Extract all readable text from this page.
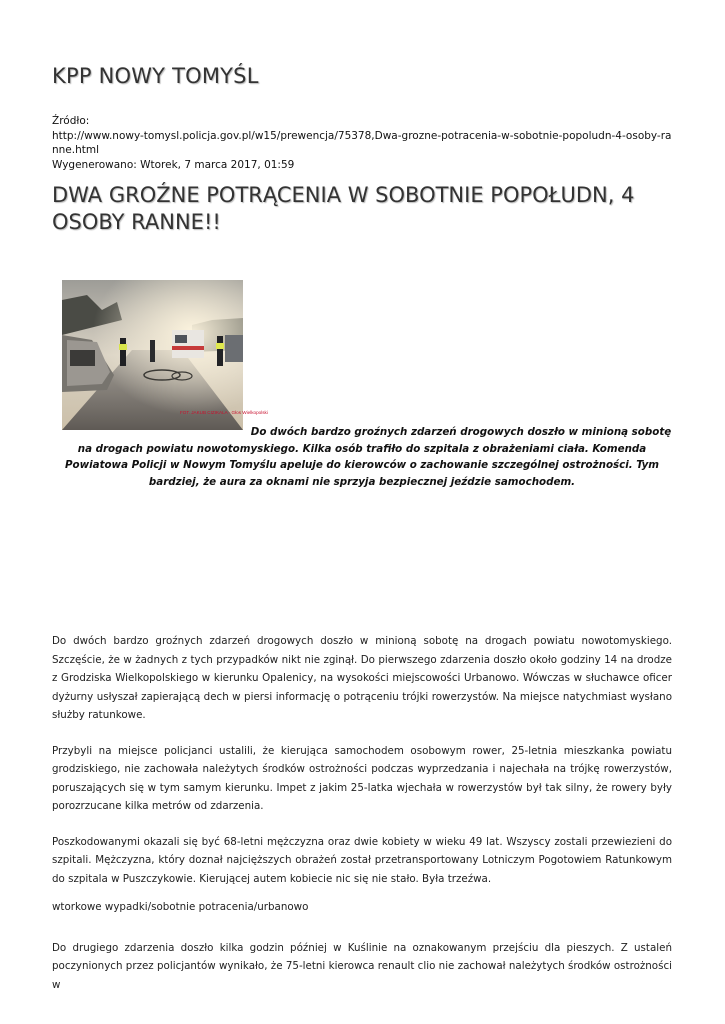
KPP NOWY TOMYŚL
Źródło:

http://www.nowy-tomysl.policja.gov.pl/w15/prewencja/75378,Dwa-grozne-potracenia-w-sobotnie-popoludn-4-osoby-ranne.html
Wygenerowano: Wtorek, 7 marca 2017, 01:59
DWA GROŹNE POTRĄCENIA W SOBOTNIE POPOŁUDN, 4 OSOBY RANNE!!
FOT. JAKUB CIZIKALA - Głos Wielkopolski
Do dwóch bardzo groźnych zdarzeń drogowych doszło w minioną sobotę na drogach powiatu nowotomyskiego. Kilka osób trafiło do szpitala z obrażeniami ciała. Komenda Powiatowa Policji w Nowym Tomyślu apeluje do kierowców o zachowanie szczególnej ostrożności. Tym bardziej, że aura za oknami nie sprzyja bezpiecznej jeździe samochodem.

Do dwóch bardzo groźnych zdarzeń drogowych doszło w minioną sobotę na drogach powiatu nowotomyskiego. Szczęście, że w żadnych z tych przypadków nikt nie zginął. Do pierwszego zdarzenia doszło około godziny 14 na drodze z Grodziska Wielkopolskiego w kierunku Opalenicy, na wysokości miejscowości Urbanowo. Wówczas w słuchawce oficer dyżurny usłyszał zapierającą dech w piersi informację o potrąceniu trójki rowerzystów. Na miejsce natychmiast wysłano służby ratunkowe.

Przybyli na miejsce policjanci ustalili, że kierująca samochodem osobowym rower, 25-letnia mieszkanka powiatu grodziskiego, nie zachowała należytych środków ostrożności podczas wyprzedzania i najechała na trójkę rowerzystów, poruszających się w tym samym kierunku. Impet z jakim 25-latka wjechała w rowerzystów był tak silny, że rowery były porozrzucane kilka metrów od zdarzenia.

Poszkodowanymi okazali się być 68-letni mężczyzna oraz dwie kobiety w wieku 49 lat. Wszyscy zostali przewiezieni do szpitali. Mężczyzna, który doznał najcięższych obrażeń został przetransportowany Lotniczym Pogotowiem Ratunkowym do szpitala w Puszczykowie. Kierującej autem kobiecie nic się nie stało. Była trzeźwa.

wtorkowe wypadki/sobotnie potracenia/urbanowo

Do drugiego zdarzenia doszło kilka godzin później w Kuślinie na oznakowanym przejściu dla pieszych. Z ustaleń poczynionych przez policjantów wynikało, że 75-letni kierowca renault clio nie zachował należytych środków ostrożności w
